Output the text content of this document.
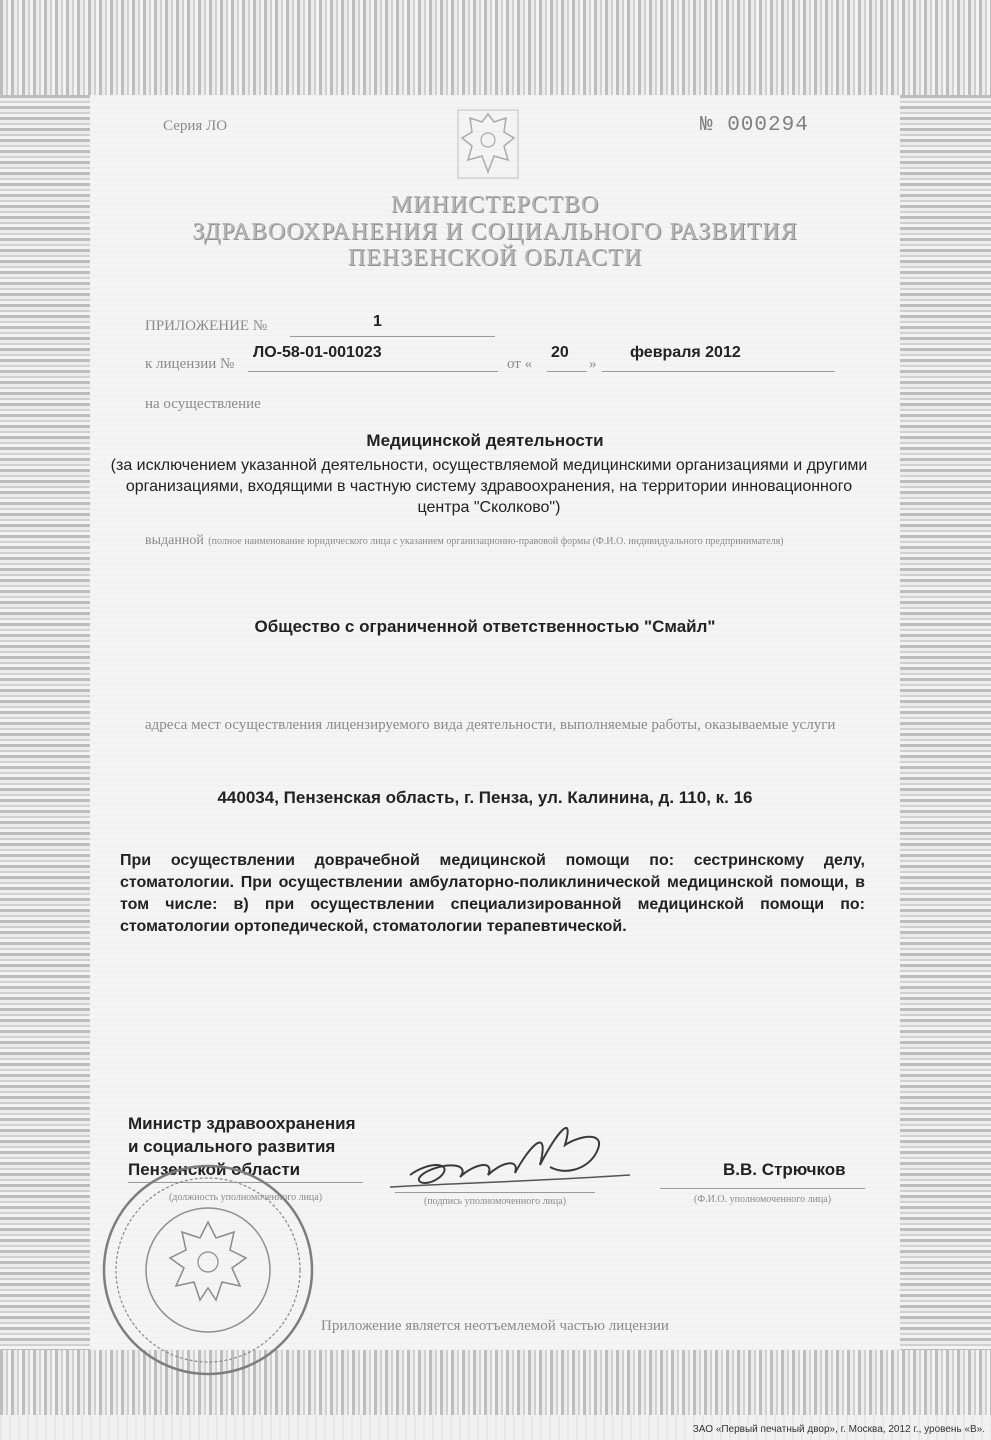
Серия ЛО	№ 000294
МИНИСТЕРСТВО
ЗДРАВООХРАНЕНИЯ И СОЦИАЛЬНОГО РАЗВИТИЯ
ПЕНЗЕНСКОЙ ОБЛАСТИ
ПРИЛОЖЕНИЕ №	1
к лицензии №
ЛО-58-01-001023
от «
20
»
февраля 2012
на осуществление
Медицинской деятельности
(за исключением указанной деятельности, осуществляемой медицинскими организациями и другими организациями, входящими в частную систему здравоохранения, на территории инновационного центра "Сколково")
выданной (полное наименование юридического лица с указанием организационно-правовой формы (Ф.И.О. индивидуального предпринимателя)
Общество с ограниченной ответственностью "Смайл"
адреса мест осуществления лицензируемого вида деятельности, выполняемые работы, оказываемые услуги
440034, Пензенская область, г. Пенза, ул. Калинина, д. 110, к. 16
При осуществлении доврачебной медицинской помощи по: сестринскому делу, стоматологии. При осуществлении амбулаторно-поликлинической медицинской помощи, в том числе: в) при осуществлении специализированной медицинской помощи по: стоматологии ортопедической, стоматологии терапевтической.
Министр здравоохранения
и социального развития
Пензенской области
(должность уполномоченного лица)	(подпись уполномоченного лица)
В.В. Стрючков
(Ф.И.О. уполномоченного лица)
Приложение является неотъемлемой частью лицензии
ЗАО «Первый печатный двор», г. Москва, 2012 г., уровень «В».
